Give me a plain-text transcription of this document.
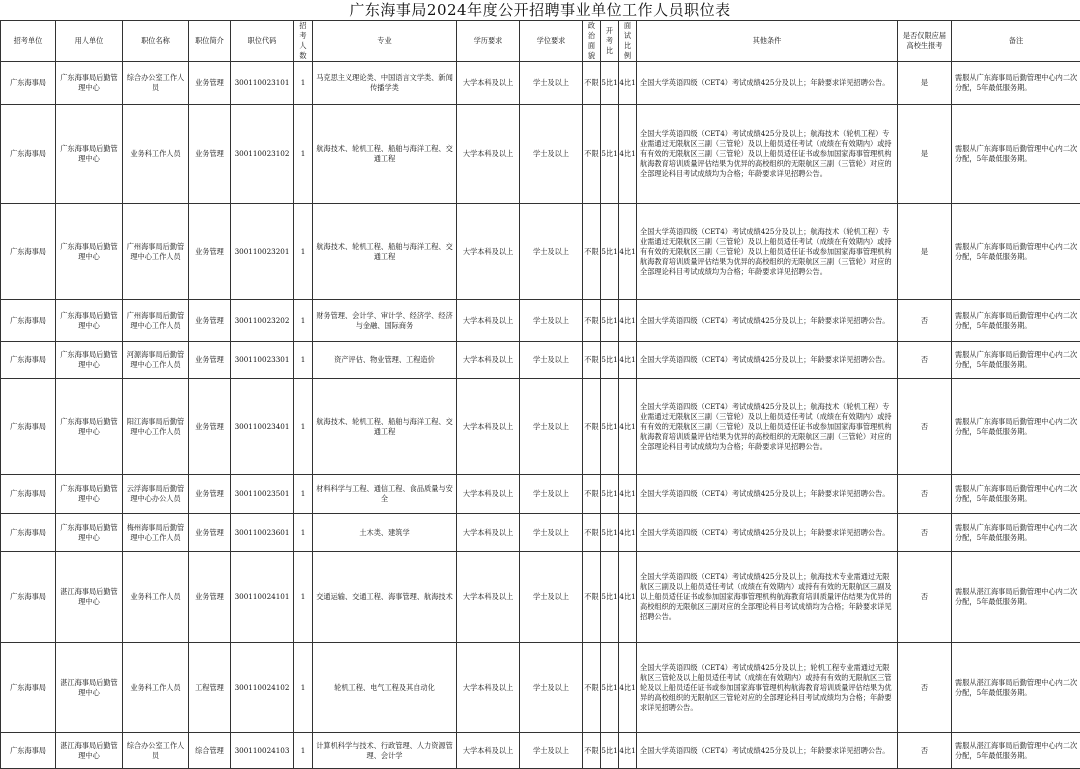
广东海事局2024年度公开招聘事业单位工作人员职位表
招考单位	用人单位	职位名称	职位简介	职位代码	招考人数	专业	学历要求	学位要求	政治面貌	开考比	面试比例	其他条件	是否仅限应届高校生报考	备注
广东海事局	广东海事局后勤管理中心	综合办公室工作人员	业务管理	300110023101	1	马克思主义理论类、中国语言文学类、新闻传播学类	大学本科及以上	学士及以上	不限	5比1	4比1	全国大学英语四级（CET4）考试成绩425分及以上；年龄要求详见招聘公告。	是	需服从广东海事局后勤管理中心内二次分配，5年最低服务期。
广东海事局	广东海事局后勤管理中心	业务科工作人员	业务管理	300110023102	1	航海技术、轮机工程、船舶与海洋工程、交通工程	大学本科及以上	学士及以上	不限	5比1	4比1	全国大学英语四级（CET4）考试成绩425分及以上；航海技术（轮机工程）专业需通过无限航区三副（三管轮）及以上船员适任考试（成绩在有效期内）或持有有效的无限航区三副（三管轮）及以上船员适任证书或参加国家海事管理机构航海教育培训质量评估结果为优异的高校组织的无限航区三副（三管轮）对应的全部理论科目考试成绩均为合格；年龄要求详见招聘公告。	是	需服从广东海事局后勤管理中心内二次分配，5年最低服务期。
广东海事局	广东海事局后勤管理中心	广州海事局后勤管理中心工作人员	业务管理	300110023201	1	航海技术、轮机工程、船舶与海洋工程、交通工程	大学本科及以上	学士及以上	不限	5比1	4比1	全国大学英语四级（CET4）考试成绩425分及以上；航海技术（轮机工程）专业需通过无限航区三副（三管轮）及以上船员适任考试（成绩在有效期内）或持有有效的无限航区三副（三管轮）及以上船员适任证书或参加国家海事管理机构航海教育培训质量评估结果为优异的高校组织的无限航区三副（三管轮）对应的全部理论科目考试成绩均为合格；年龄要求详见招聘公告。	是	需服从广东海事局后勤管理中心内二次分配，5年最低服务期。
广东海事局	广东海事局后勤管理中心	广州海事局后勤管理中心工作人员	业务管理	300110023202	1	财务管理、会计学、审计学、经济学、经济与金融、国际商务	大学本科及以上	学士及以上	不限	5比1	4比1	全国大学英语四级（CET4）考试成绩425分及以上；年龄要求详见招聘公告。	否	需服从广东海事局后勤管理中心内二次分配，5年最低服务期。
广东海事局	广东海事局后勤管理中心	河源海事局后勤管理中心工作人员	业务管理	300110023301	1	资产评估、物业管理、工程造价	大学本科及以上	学士及以上	不限	5比1	4比1	全国大学英语四级（CET4）考试成绩425分及以上；年龄要求详见招聘公告。	否	需服从广东海事局后勤管理中心内二次分配，5年最低服务期。
广东海事局	广东海事局后勤管理中心	阳江海事局后勤管理中心工作人员	业务管理	300110023401	1	航海技术、轮机工程、船舶与海洋工程、交通工程	大学本科及以上	学士及以上	不限	5比1	4比1	全国大学英语四级（CET4）考试成绩425分及以上；航海技术（轮机工程）专业需通过无限航区三副（三管轮）及以上船员适任考试（成绩在有效期内）或持有有效的无限航区三副（三管轮）及以上船员适任证书或参加国家海事管理机构航海教育培训质量评估结果为优异的高校组织的无限航区三副（三管轮）对应的全部理论科目考试成绩均为合格；年龄要求详见招聘公告。	否	需服从广东海事局后勤管理中心内二次分配，5年最低服务期。
广东海事局	广东海事局后勤管理中心	云浮海事局后勤管理中心办公人员	业务管理	300110023501	1	材料科学与工程、通信工程、食品质量与安全	大学本科及以上	学士及以上	不限	5比1	4比1	全国大学英语四级（CET4）考试成绩425分及以上；年龄要求详见招聘公告。	否	需服从广东海事局后勤管理中心内二次分配，5年最低服务期。
广东海事局	广东海事局后勤管理中心	梅州海事局后勤管理中心工作人员	业务管理	300110023601	1	土木类、建筑学	大学本科及以上	学士及以上	不限	5比1	4比1	全国大学英语四级（CET4）考试成绩425分及以上；年龄要求详见招聘公告。	否	需服从广东海事局后勤管理中心内二次分配，5年最低服务期。
广东海事局	湛江海事局后勤管理中心	业务科工作人员	业务管理	300110024101	1	交通运输、交通工程、海事管理、航海技术	大学本科及以上	学士及以上	不限	5比1	4比1	全国大学英语四级（CET4）考试成绩425分及以上；航海技术专业需通过无限航区三副及以上船员适任考试（成绩在有效期内）或持有有效的无限航区三副及以上船员适任证书或参加国家海事管理机构航海教育培训质量评估结果为优异的高校组织的无限航区三副对应的全部理论科目考试成绩均为合格；年龄要求详见招聘公告。	否	需服从湛江海事局后勤管理中心内二次分配，5年最低服务期。
广东海事局	湛江海事局后勤管理中心	业务科工作人员	工程管理	300110024102	1	轮机工程、电气工程及其自动化	大学本科及以上	学士及以上	不限	5比1	4比1	全国大学英语四级（CET4）考试成绩425分及以上；轮机工程专业需通过无限航区三管轮及以上船员适任考试（成绩在有效期内）或持有有效的无限航区三管轮及以上船员适任证书或参加国家海事管理机构航海教育培训质量评估结果为优异的高校组织的无限航区三管轮对应的全部理论科目考试成绩均为合格；年龄要求详见招聘公告。	否	需服从湛江海事局后勤管理中心内二次分配，5年最低服务期。
广东海事局	湛江海事局后勤管理中心	综合办公室工作人员	综合管理	300110024103	1	计算机科学与技术、行政管理、人力资源管理、会计学	大学本科及以上	学士及以上	不限	5比1	4比1	全国大学英语四级（CET4）考试成绩425分及以上；年龄要求详见招聘公告。	否	需服从湛江海事局后勤管理中心内二次分配，5年最低服务期。
